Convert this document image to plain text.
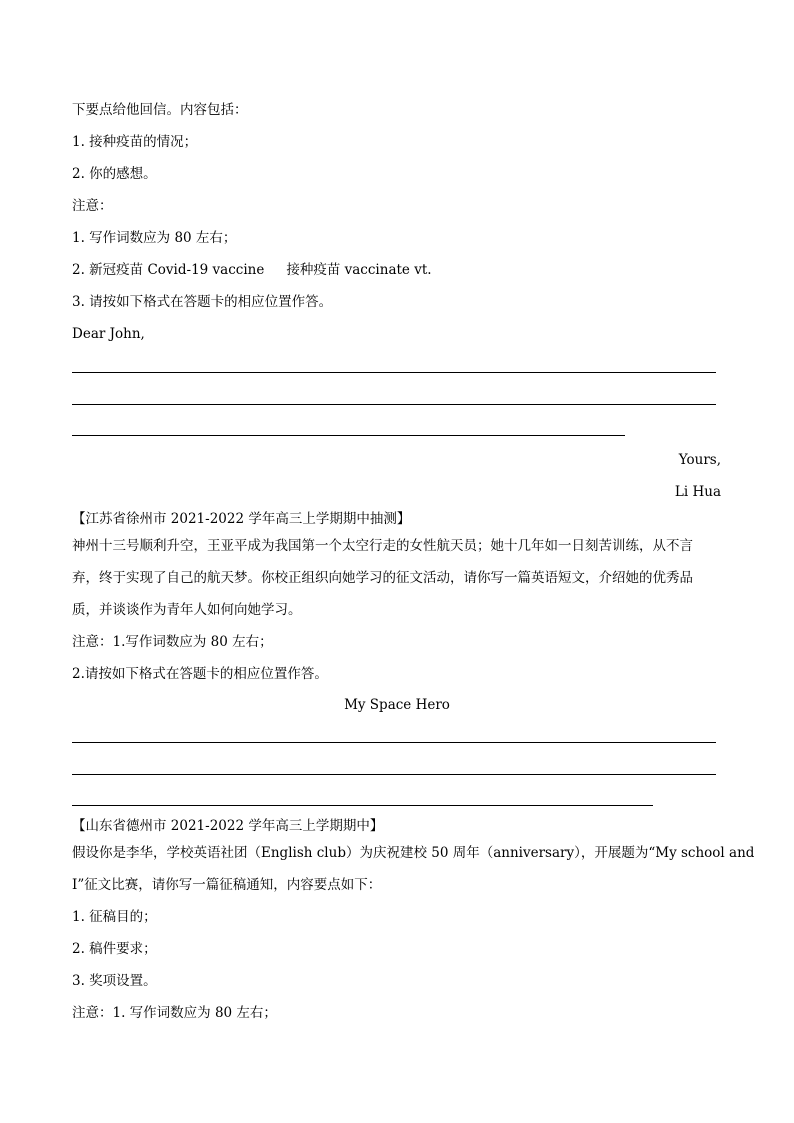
下要点给他回信。内容包括：
1. 接种疫苗的情况；
2. 你的感想。
注意：
1. 写作词数应为 80 左右；
2. 新冠疫苗 Covid-19 vaccine 接种疫苗 vaccinate vt.
3. 请按如下格式在答题卡的相应位置作答。
Dear John,
Yours,
Li Hua
【江苏省徐州市 2021-2022 学年高三上学期期中抽测】
神州十三号顺利升空，王亚平成为我国第一个太空行走的女性航天员；她十几年如一日刻苦训练，从不言
弃，终于实现了自己的航天梦。你校正组织向她学习的征文活动，请你写一篇英语短文，介绍她的优秀品
质，并谈谈作为青年人如何向她学习。
注意：1.写作词数应为 80 左右；
2.请按如下格式在答题卡的相应位置作答。
My Space Hero
【山东省德州市 2021-2022 学年高三上学期期中】
假设你是李华，学校英语社团（English club）为庆祝建校 50 周年（anniversary），开展题为“My school and
I”征文比赛，请你写一篇征稿通知，内容要点如下：
1. 征稿目的；
2. 稿件要求；
3. 奖项设置。
注意：1. 写作词数应为 80 左右；
